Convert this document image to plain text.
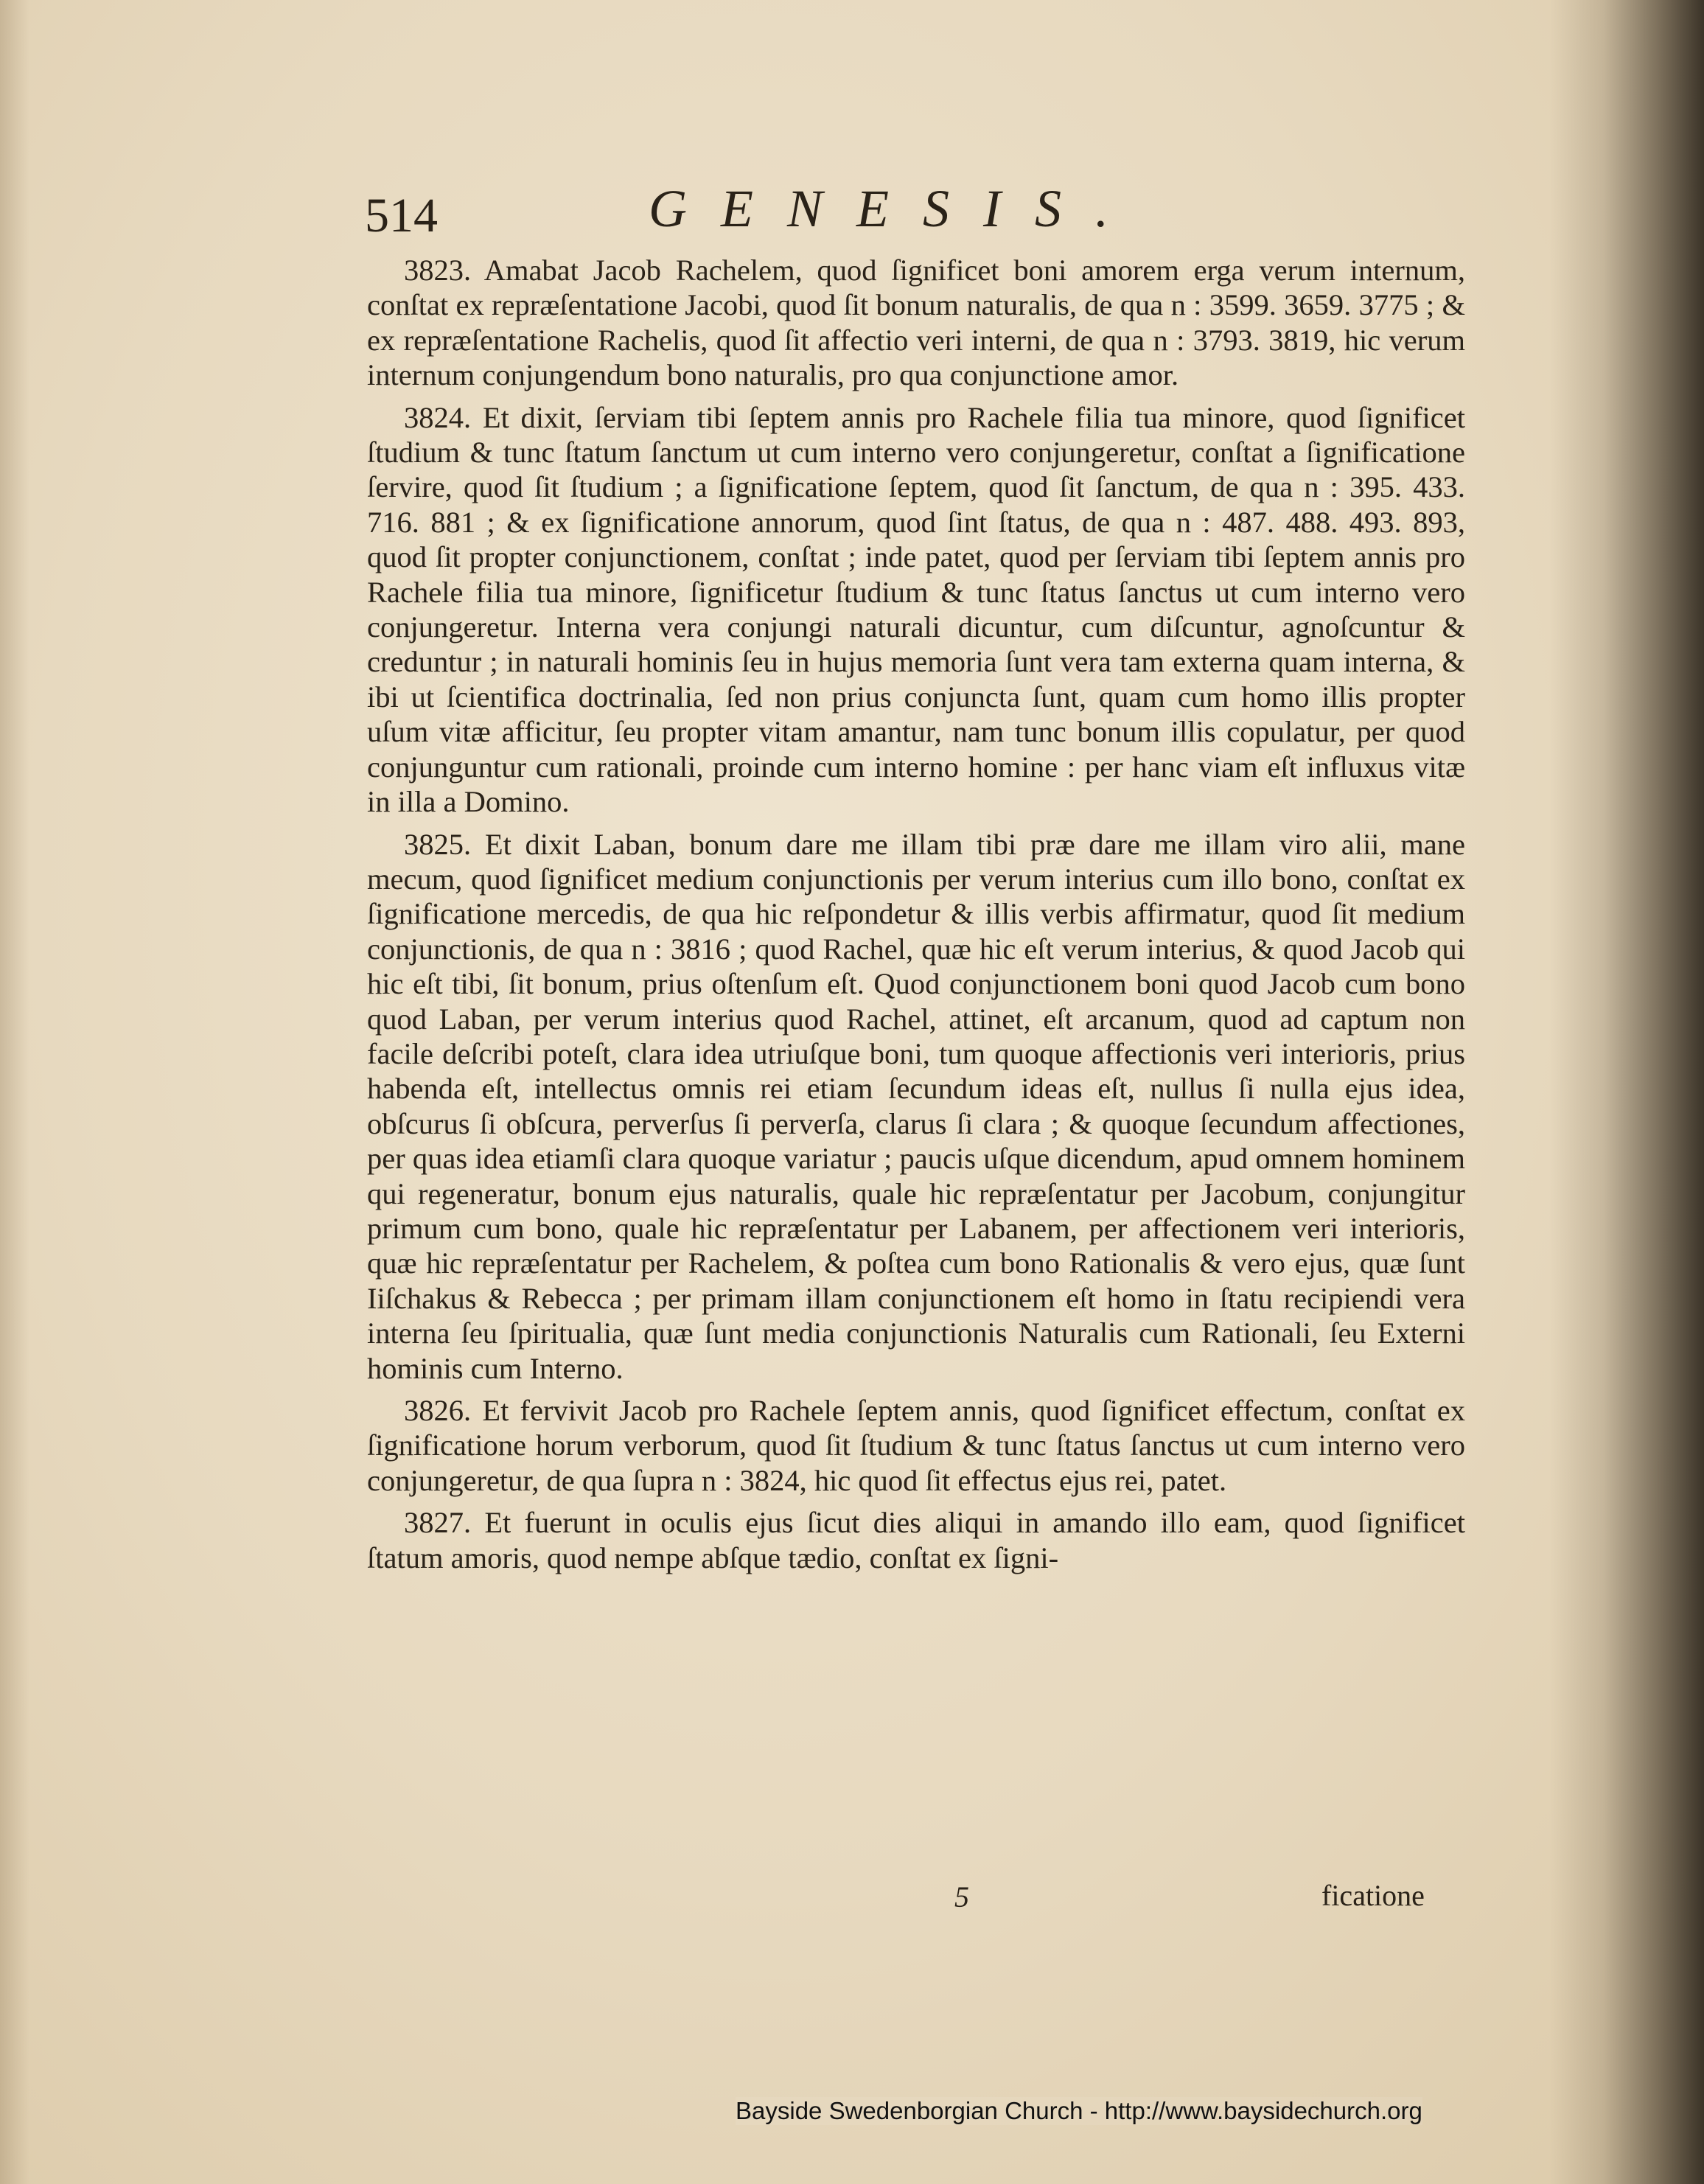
514	GENESIS.

3823. Amabat Jacob Rachelem, quod ſignificet boni amorem erga verum internum, conſtat ex repræſentatione Jacobi, quod ſit bonum naturalis, de qua n : 3599. 3659. 3775 ; & ex repræſentatione Rachelis, quod ſit affectio veri interni, de qua n : 3793. 3819, hic verum internum conjungendum bono naturalis, pro qua conjunctione amor.

3824. Et dixit, ſerviam tibi ſeptem annis pro Rachele filia tua minore, quod ſignificet ſtudium & tunc ſtatum ſanctum ut cum interno vero conjungeretur, conſtat a ſignificatione ſervire, quod ſit ſtudium ; a ſignificatione ſeptem, quod ſit ſanctum, de qua n : 395. 433. 716. 881 ; & ex ſignificatione annorum, quod ſint ſtatus, de qua n : 487. 488. 493. 893, quod ſit propter conjunctionem, conſtat ; inde patet, quod per ſerviam tibi ſeptem annis pro Rachele filia tua minore, ſignificetur ſtudium & tunc ſtatus ſanctus ut cum interno vero conjungeretur. Interna vera conjungi naturali dicuntur, cum diſcuntur, agnoſcuntur & creduntur ; in naturali hominis ſeu in hujus memoria ſunt vera tam externa quam interna, & ibi ut ſcientifica doctrinalia, ſed non prius conjuncta ſunt, quam cum homo illis propter uſum vitæ afficitur, ſeu propter vitam amantur, nam tunc bonum illis copulatur, per quod conjunguntur cum rationali, proinde cum interno homine : per hanc viam eſt influxus vitæ in illa a Domino.

3825. Et dixit Laban, bonum dare me illam tibi præ dare me illam viro alii, mane mecum, quod ſignificet medium conjunctionis per verum interius cum illo bono, conſtat ex ſignificatione mercedis, de qua hic reſpondetur & illis verbis affirmatur, quod ſit medium conjunctionis, de qua n : 3816 ; quod Rachel, quæ hic eſt verum interius, & quod Jacob qui hic eſt tibi, ſit bonum, prius oſtenſum eſt. Quod conjunctionem boni quod Jacob cum bono quod Laban, per verum interius quod Rachel, attinet, eſt arcanum, quod ad captum non facile deſcribi poteſt, clara idea utriuſque boni, tum quoque affectionis veri interioris, prius habenda eſt, intellectus omnis rei etiam ſecundum ideas eſt, nullus ſi nulla ejus idea, obſcurus ſi obſcura, perverſus ſi perverſa, clarus ſi clara ; & quoque ſecundum affectiones, per quas idea etiamſi clara quoque variatur ; paucis uſque dicendum, apud omnem hominem qui regeneratur, bonum ejus naturalis, quale hic repræſentatur per Jacobum, conjungitur primum cum bono, quale hic repræſentatur per Labanem, per affectionem veri interioris, quæ hic repræſentatur per Rachelem, & poſtea cum bono Rationalis & vero ejus, quæ ſunt Iiſchakus & Rebecca ; per primam illam conjunctionem eſt homo in ſtatu recipiendi vera interna ſeu ſpiritualia, quæ ſunt media conjunctionis Naturalis cum Rationali, ſeu Externi hominis cum Interno.

3826. Et fervivit Jacob pro Rachele ſeptem annis, quod ſignificet effectum, conſtat ex ſignificatione horum verborum, quod ſit ſtudium & tunc ſtatus ſanctus ut cum interno vero conjungeretur, de qua ſupra n : 3824, hic quod ſit effectus ejus rei, patet.

3827. Et fuerunt in oculis ejus ſicut dies aliqui in amando illo eam, quod ſignificet ſtatum amoris, quod nempe abſque tædio, conſtat ex ſigni-

5	ficatione
Bayside Swedenborgian Church - http://www.baysidechurch.org
